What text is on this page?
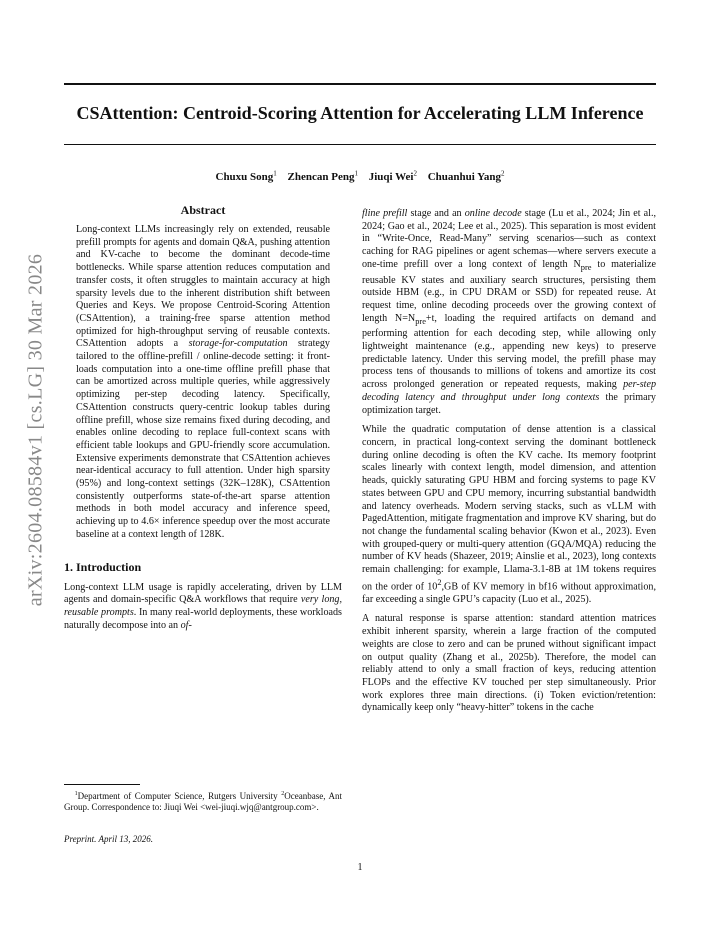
CSAttention: Centroid-Scoring Attention for Accelerating LLM Inference
Chuxu Song$^1$ Zhencan Peng$^1$ Jiuqi Wei$^2$ Chuanhui Yang$^2$
arXiv:2604.08584v1 [cs.LG] 30 Mar 2026
Abstract

Long-context LLMs increasingly rely on extended, reusable prefill prompts for agents and domain Q&A, pushing attention and KV-cache to become the dominant decode-time bottlenecks. While sparse attention reduces computation and transfer costs, it often struggles to maintain accuracy at high sparsity levels due to the inherent distribution shift between Queries and Keys. We propose Centroid-Scoring Attention (CSAttention), a training-free sparse attention method optimized for high-throughput serving of reusable contexts. CSAttention adopts a storage-for-computation strategy tailored to the offline-prefill / online-decode setting: it front-loads computation into a one-time offline prefill phase that can be amortized across multiple queries, while aggressively optimizing per-step decoding latency. Specifically, CSAttention constructs query-centric lookup tables during offline prefill, whose size remains fixed during decoding, and enables online decoding to replace full-context scans with efficient table lookups and GPU-friendly score accumulation. Extensive experiments demonstrate that CSAttention achieves near-identical accuracy to full attention. Under high sparsity (95%) and long-context settings (32K–128K), CSAttention consistently outperforms state-of-the-art sparse attention methods in both model accuracy and inference speed, achieving up to 4.6× inference speedup over the most accurate baseline at a context length of 128K.

1. Introduction

Long-context LLM usage is rapidly accelerating, driven by LLM agents and domain-specific Q&A workflows that require very long, reusable prompts. In many real-world deployments, these workloads naturally decompose into an of-

fline prefill stage and an online decode stage (Lu et al., 2024; Jin et al., 2024; Gao et al., 2024; Lee et al., 2025). This separation is most evident in “Write-Once, Read-Many” serving scenarios—such as context caching for RAG pipelines or agent schemas—where servers execute a one-time prefill over a long context of length $N_{pre}$ to materialize reusable KV states and auxiliary search structures, persisting them outside HBM (e.g., in CPU DRAM or SSD) for repeated reuse. At request time, online decoding proceeds over the growing context of length $N=N_{pre}+t$, loading the required artifacts on demand and performing attention for each decoding step, while allowing only lightweight maintenance (e.g., appending new keys) to preserve predictable latency. Under this serving model, the prefill phase may process tens of thousands to millions of tokens and amortize its cost across prolonged generation or repeated requests, making per-step decoding latency and throughput under long contexts the primary optimization target.

While the quadratic computation of dense attention is a classical concern, in practical long-context serving the dominant bottleneck during online decoding is often the KV cache. Its memory footprint scales linearly with context length, model dimension, and attention heads, quickly saturating GPU HBM and forcing systems to page KV states between GPU and CPU memory, incurring substantial bandwidth and latency overheads. Modern serving stacks, such as vLLM with PagedAttention, mitigate fragmentation and improve KV sharing, but do not change the fundamental scaling behavior (Kwon et al., 2023). Even with grouped-query or multi-query attention (GQA/MQA) reducing the number of KV heads (Shazeer, 2019; Ainslie et al., 2023), long contexts remain challenging: for example, Llama-3.1-8B at 1M tokens requires on the order of $10^2,GB$ of KV memory in bf16 without approximation, far exceeding a single GPU’s capacity (Luo et al., 2025).

A natural response is sparse attention: standard attention matrices exhibit inherent sparsity, wherein a large fraction of the computed weights are close to zero and can be pruned without significant impact on output quality (Zhang et al., 2025b). Therefore, the model can reliably attend to only a small fraction of keys, reducing attention FLOPs and the effective KV touched per step simultaneously. Prior work explores three main directions. (i) Token eviction/retention: dynamically keep only “heavy-hitter” tokens in the cache

$^1$Department of Computer Science, Rutgers University $^2$Oceanbase, Ant Group. Correspondence to: Jiuqi Wei <wei-jiuqi.wjq@antgroup.com>.

Preprint. April 13, 2026.
1
